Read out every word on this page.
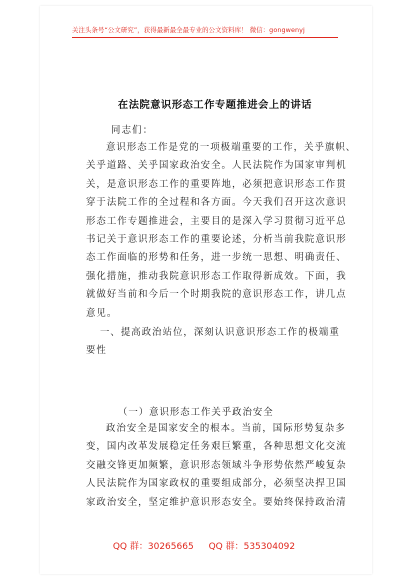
关注头条号“公文研究”，获得最新最全最专业的公文资料库！ 微信：gongwenyj
在法院意识形态工作专题推进会上的讲话
同志们：
意识形态工作是党的一项极端重要的工作，关乎旗帜、
关乎道路、关乎国家政治安全。人民法院作为国家审判机
关，是意识形态工作的重要阵地，必须把意识形态工作贯
穿于法院工作的全过程和各方面。今天我们召开这次意识
形态工作专题推进会，主要目的是深入学习贯彻习近平总
书记关于意识形态工作的重要论述，分析当前我院意识形
态工作面临的形势和任务，进一步统一思想、明确责任、
强化措施，推动我院意识形态工作取得新成效。下面，我
就做好当前和今后一个时期我院的意识形态工作，讲几点
意见。
一、提高政治站位，深刻认识意识形态工作的极端重
要性
（一）意识形态工作关乎政治安全
政治安全是国家安全的根本。当前，国际形势复杂多
变，国内改革发展稳定任务艰巨繁重，各种思想文化交流
交融交锋更加频繁，意识形态领域斗争形势依然严峻复杂
人民法院作为国家政权的重要组成部分，必须坚决捍卫国
家政治安全，坚定维护意识形态安全。要始终保持政治清
QQ 群：30265665 QQ 群：535304092
